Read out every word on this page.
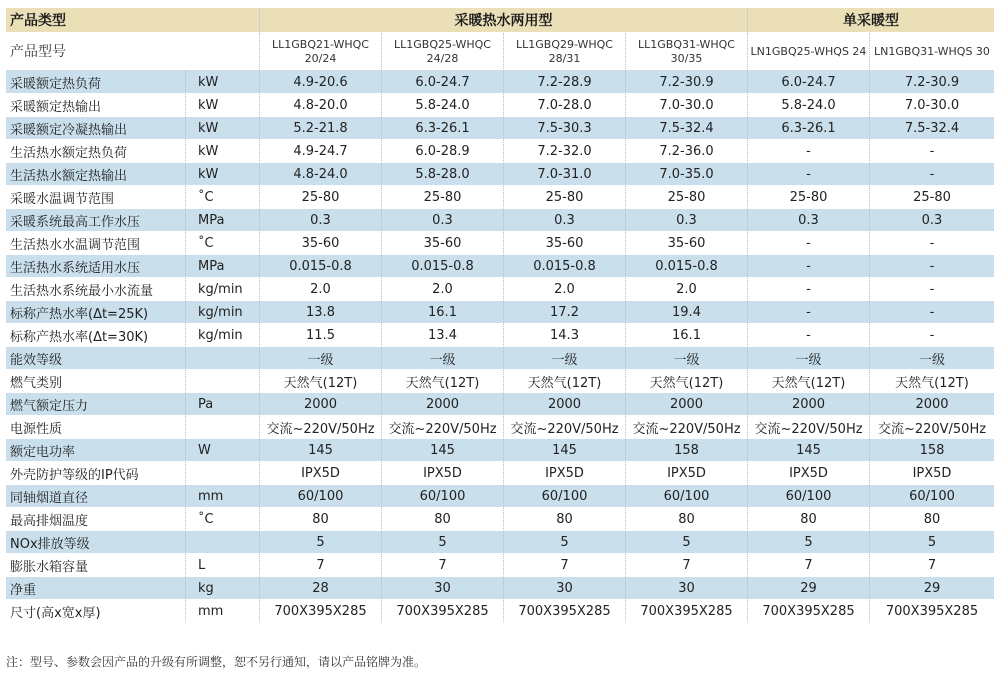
产品类型		采暖热水两用型				单采暖型	
产品型号		LL1GBQ21-WHQC 20/24	LL1GBQ25-WHQC 24/28	LL1GBQ29-WHQC 28/31	LL1GBQ31-WHQC 30/35	LN1GBQ25-WHQS 24	LN1GBQ31-WHQS 30
采暖额定热负荷	kW	4.9-20.6	6.0-24.7	7.2-28.9	7.2-30.9	6.0-24.7	7.2-30.9
采暖额定热输出	kW	4.8-20.0	5.8-24.0	7.0-28.0	7.0-30.0	5.8-24.0	7.0-30.0
采暖额定冷凝热输出	kW	5.2-21.8	6.3-26.1	7.5-30.3	7.5-32.4	6.3-26.1	7.5-32.4
生活热水额定热负荷	kW	4.9-24.7	6.0-28.9	7.2-32.0	7.2-36.0	-	-
生活热水额定热输出	kW	4.8-24.0	5.8-28.0	7.0-31.0	7.0-35.0	-	-
采暖水温调节范围	˚C	25-80	25-80	25-80	25-80	25-80	25-80
采暖系统最高工作水压	MPa	0.3	0.3	0.3	0.3	0.3	0.3
生活热水水温调节范围	˚C	35-60	35-60	35-60	35-60	-	-
生活热水系统适用水压	MPa	0.015-0.8	0.015-0.8	0.015-0.8	0.015-0.8	-	-
生活热水系统最小水流量	kg/min	2.0	2.0	2.0	2.0	-	-
标称产热水率(Δt=25K)	kg/min	13.8	16.1	17.2	19.4	-	-
标称产热水率(Δt=30K)	kg/min	11.5	13.4	14.3	16.1	-	-
能效等级		一级	一级	一级	一级	一级	一级
燃气类别		天然气(12T)	天然气(12T)	天然气(12T)	天然气(12T)	天然气(12T)	天然气(12T)
燃气额定压力	Pa	2000	2000	2000	2000	2000	2000
电源性质		交流~220V/50Hz	交流~220V/50Hz	交流~220V/50Hz	交流~220V/50Hz	交流~220V/50Hz	交流~220V/50Hz
额定电功率	W	145	145	145	158	145	158
外壳防护等级的IP代码		IPX5D	IPX5D	IPX5D	IPX5D	IPX5D	IPX5D
同轴烟道直径	mm	60/100	60/100	60/100	60/100	60/100	60/100
最高排烟温度	˚C	80	80	80	80	80	80
NOx排放等级		5	5	5	5	5	5
膨胀水箱容量	L	7	7	7	7	7	7
净重	kg	28	30	30	30	29	29
尺寸(高x宽x厚)	mm	700X395X285	700X395X285	700X395X285	700X395X285	700X395X285	700X395X285
注：型号、参数会因产品的升级有所调整，恕不另行通知，请以产品铭牌为准。
